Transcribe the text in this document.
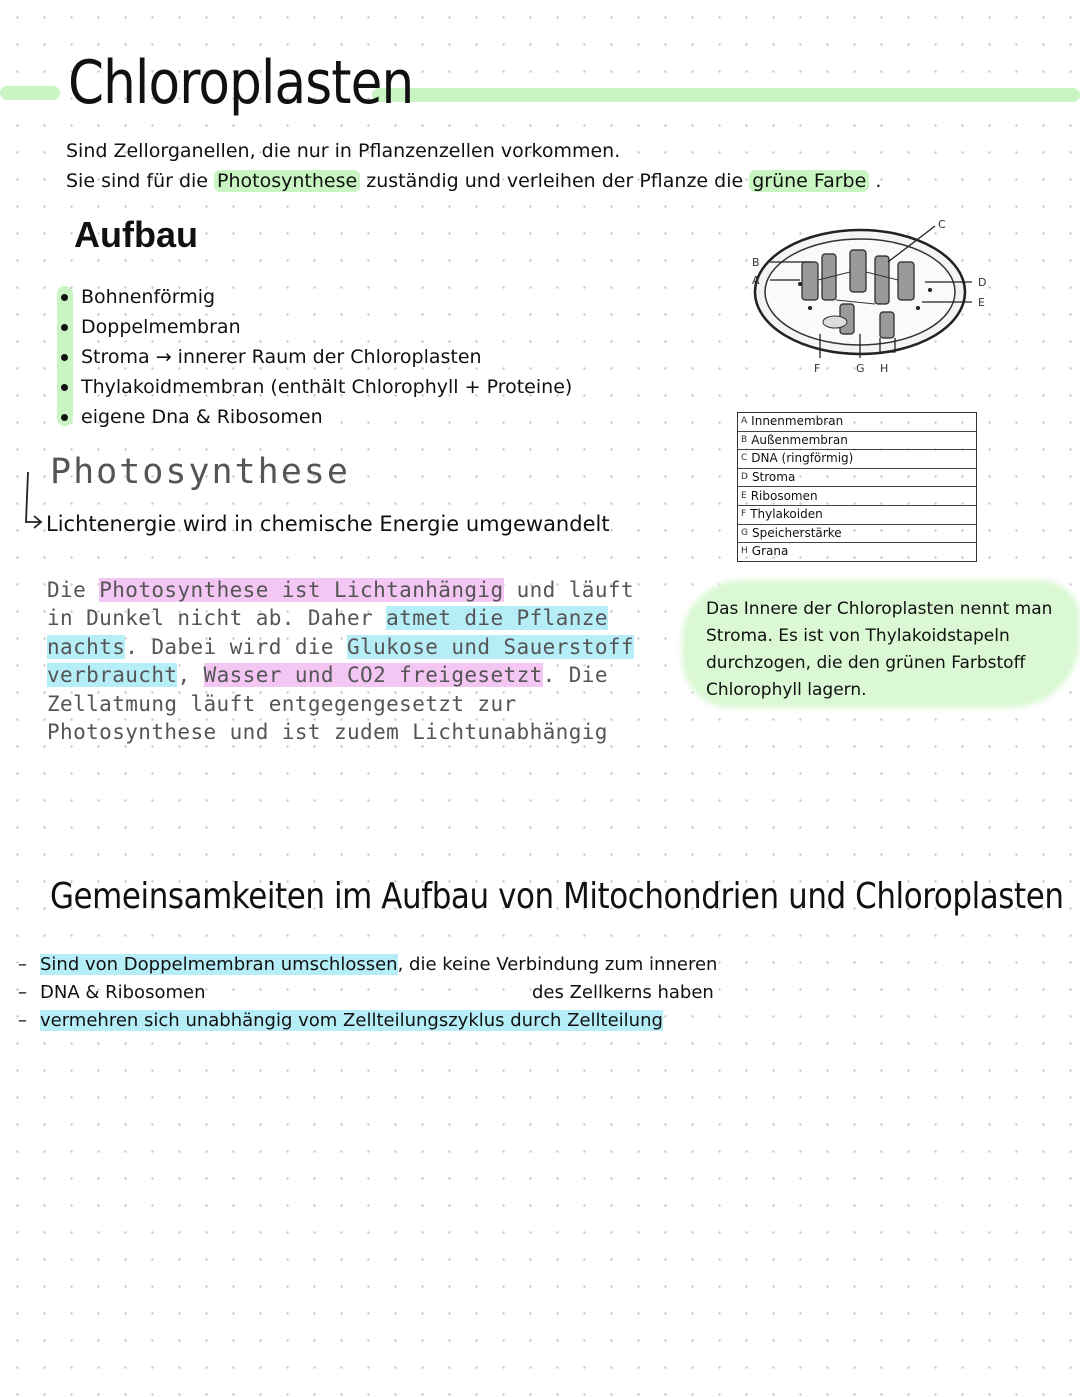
Chloroplasten
Sind Zellorganellen, die nur in Pflanzenzellen vorkommen.
Sie sind für die Photosynthese zuständig und verleihen der Pflanze die grüne Farbe .
Aufbau
Bohnenförmig
Doppelmembran
Stroma → innerer Raum der Chloroplasten
Thylakoidmembran (enthält Chlorophyll + Proteine)
eigene Dna & Ribosomen
B
A
C
D
E
F	G H
$^A$ Innenmembran
$^B$ Außenmembran
$^C$ DNA (ringförmig)
$^D$ Stroma
$^E$ Ribosomen
$^F$ Thylakoiden
$^G$ Speicherstärke
$^H$ Grana
Photosynthese
Lichtenergie wird in chemische Energie umgewandelt
Die Photosynthese ist Lichtanhängig und läuft in Dunkel nicht ab. Daher atmet die Pflanze nachts. Dabei wird die Glukose und Sauerstoff verbraucht, Wasser und CO2 freigesetzt. Die Zellatmung läuft entgegengesetzt zur Photosynthese und ist zudem Lichtunabhängig
Das Innere der Chloroplasten nennt man Stroma. Es ist von Thylakoidstapeln durchzogen, die den grünen Farbstoff Chlorophyll lagern.
Gemeinsamkeiten im Aufbau von Mitochondrien und Chloroplasten
– Sind von Doppelmembran umschlossen, die keine Verbindung zum inneren
– DNA & Ribosomen	des Zellkerns haben
– vermehren sich unabhängig vom Zellteilungszyklus durch Zellteilung
